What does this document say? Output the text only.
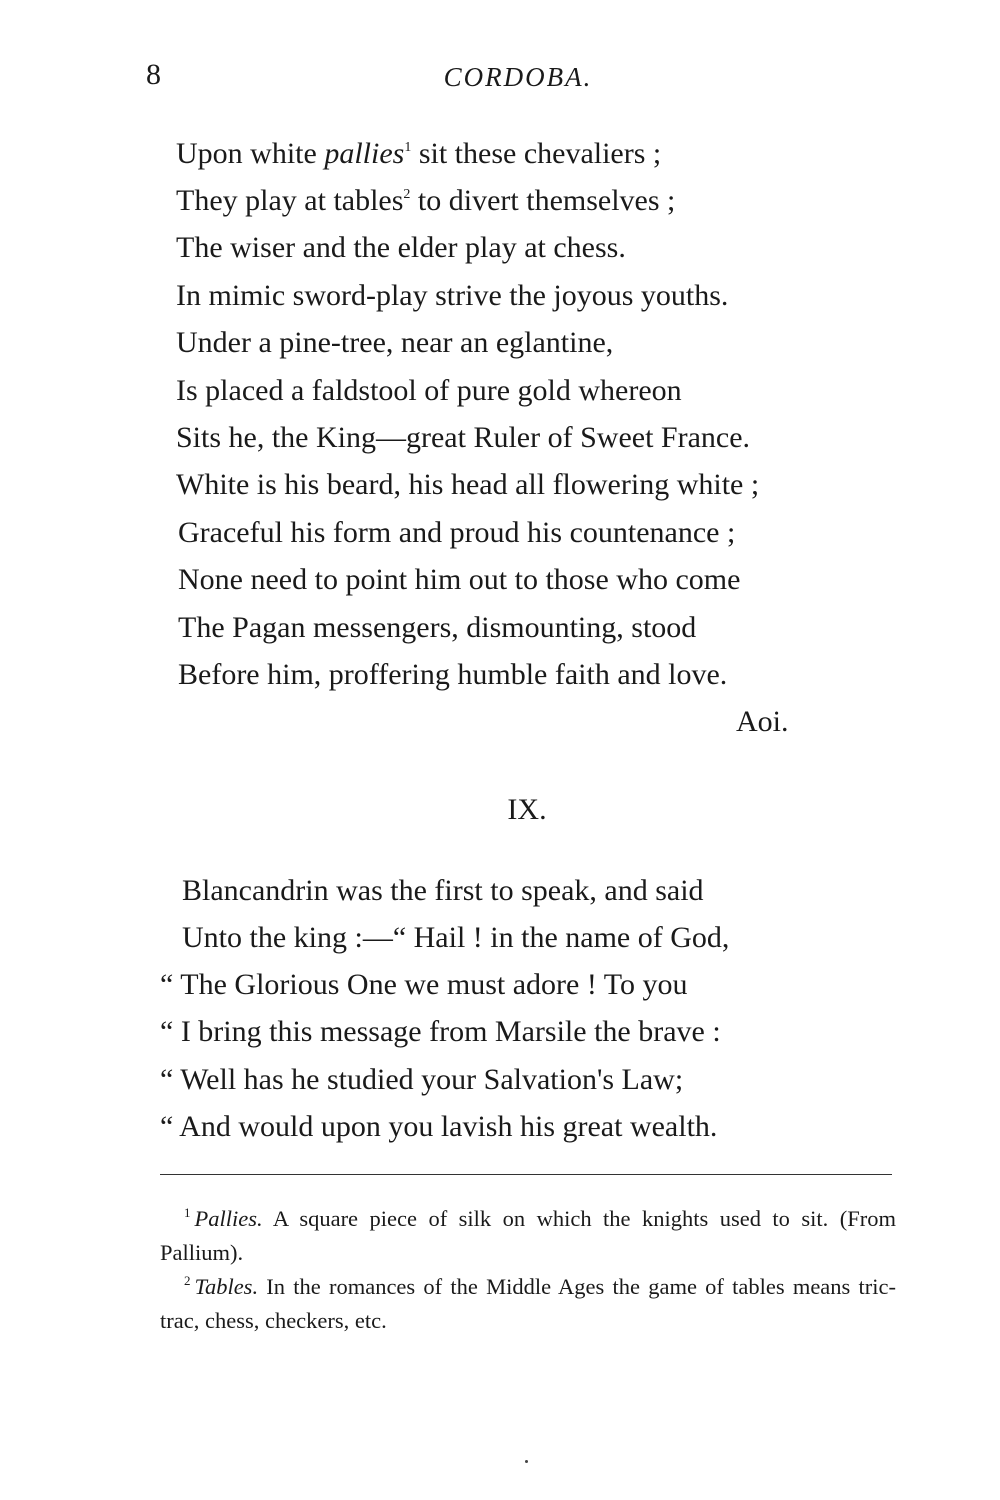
8	CORDOBA.
Upon white pallies$^1$ sit these chevaliers ;
They play at tables$^2$ to divert themselves ;
The wiser and the elder play at chess.
In mimic sword-play strive the joyous youths.
Under a pine-tree, near an eglantine,
Is placed a faldstool of pure gold whereon
Sits he, the King—great Ruler of Sweet France.
White is his beard, his head all flowering white ;
Graceful his form and proud his countenance ;
None need to point him out to those who come
The Pagan messengers, dismounting, stood
Before him, proffering humble faith and love.
Aoi.
IX.
Blancandrin was the first to speak, and said
Unto the king :—“ Hail ! in the name of God,
“ The Glorious One we must adore ! To you
“ I bring this message from Marsile the brave :
“ Well has he studied your Salvation's Law;
“ And would upon you lavish his great wealth.
$^1$ Pallies. A square piece of silk on which the knights used to sit. (From Pallium).
$^2$ Tables. In the romances of the Middle Ages the game of tables means tric-trac, chess, checkers, etc.
